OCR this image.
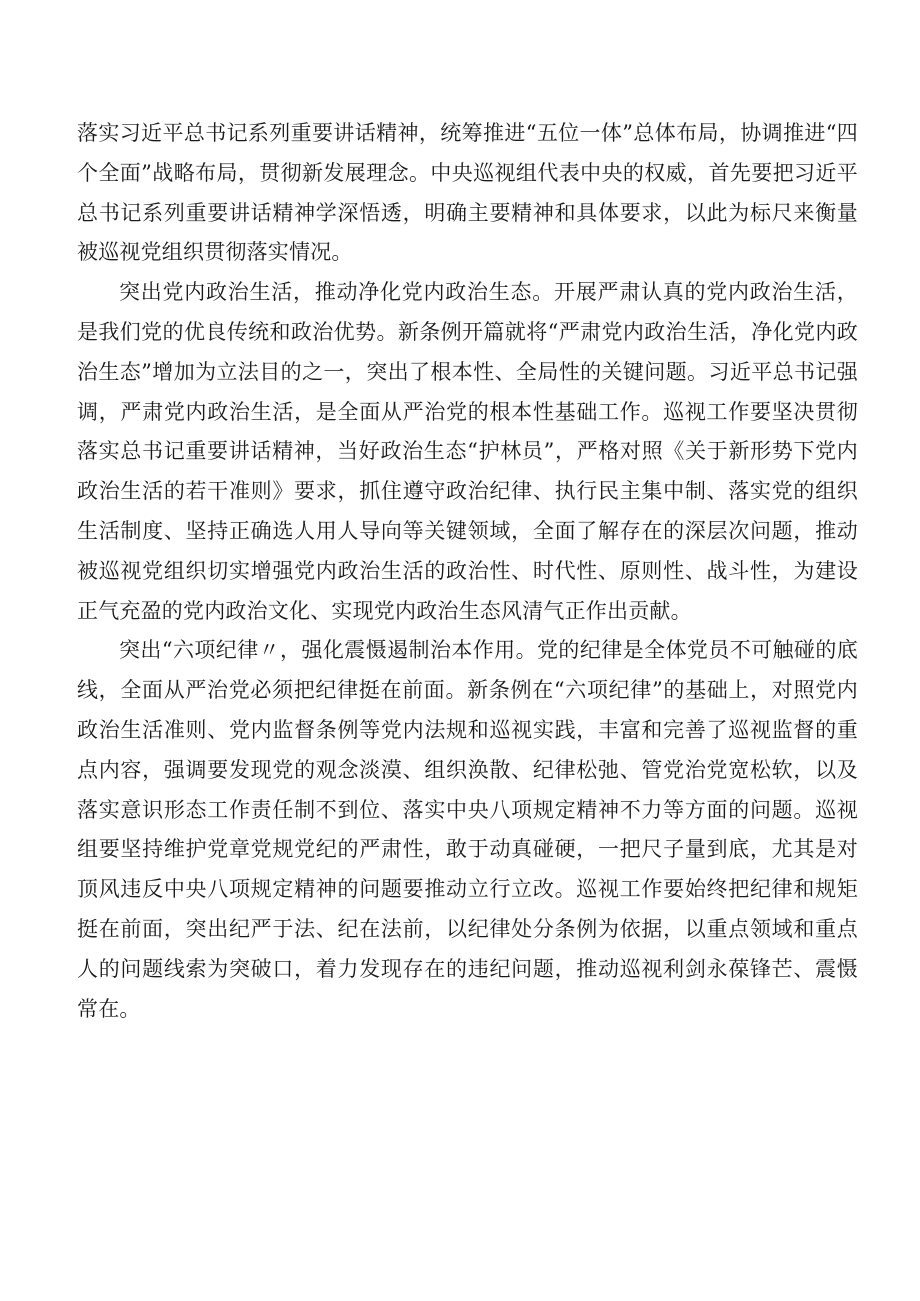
落实习近平总书记系列重要讲话精神，统筹推进“五位一体”总体布局，协调推进“四个全面”战略布局，贯彻新发展理念。中央巡视组代表中央的权威，首先要把习近平总书记系列重要讲话精神学深悟透，明确主要精神和具体要求，以此为标尺来衡量被巡视党组织贯彻落实情况。

突出党内政治生活，推动净化党内政治生态。开展严肃认真的党内政治生活，是我们党的优良传统和政治优势。新条例开篇就将“严肃党内政治生活，净化党内政治生态”增加为立法目的之一，突出了根本性、全局性的关键问题。习近平总书记强调，严肃党内政治生活，是全面从严治党的根本性基础工作。巡视工作要坚决贯彻落实总书记重要讲话精神，当好政治生态“护林员”，严格对照《关于新形势下党内政治生活的若干准则》要求，抓住遵守政治纪律、执行民主集中制、落实党的组织生活制度、坚持正确选人用人导向等关键领域，全面了解存在的深层次问题，推动被巡视党组织切实增强党内政治生活的政治性、时代性、原则性、战斗性，为建设正气充盈的党内政治文化、实现党内政治生态风清气正作出贡献。

突出“六项纪律〃，强化震慑遏制治本作用。党的纪律是全体党员不可触碰的底线，全面从严治党必须把纪律挺在前面。新条例在“六项纪律”的基础上，对照党内政治生活准则、党内监督条例等党内法规和巡视实践，丰富和完善了巡视监督的重点内容，强调要发现党的观念淡漠、组织涣散、纪律松弛、管党治党宽松软，以及落实意识形态工作责任制不到位、落实中央八项规定精神不力等方面的问题。巡视组要坚持维护党章党规党纪的严肃性，敢于动真碰硬，一把尺子量到底，尤其是对顶风违反中央八项规定精神的问题要推动立行立改。巡视工作要始终把纪律和规矩挺在前面，突出纪严于法、纪在法前，以纪律处分条例为依据，以重点领域和重点人的问题线索为突破口，着力发现存在的违纪问题，推动巡视利剑永葆锋芒、震慑常在。
